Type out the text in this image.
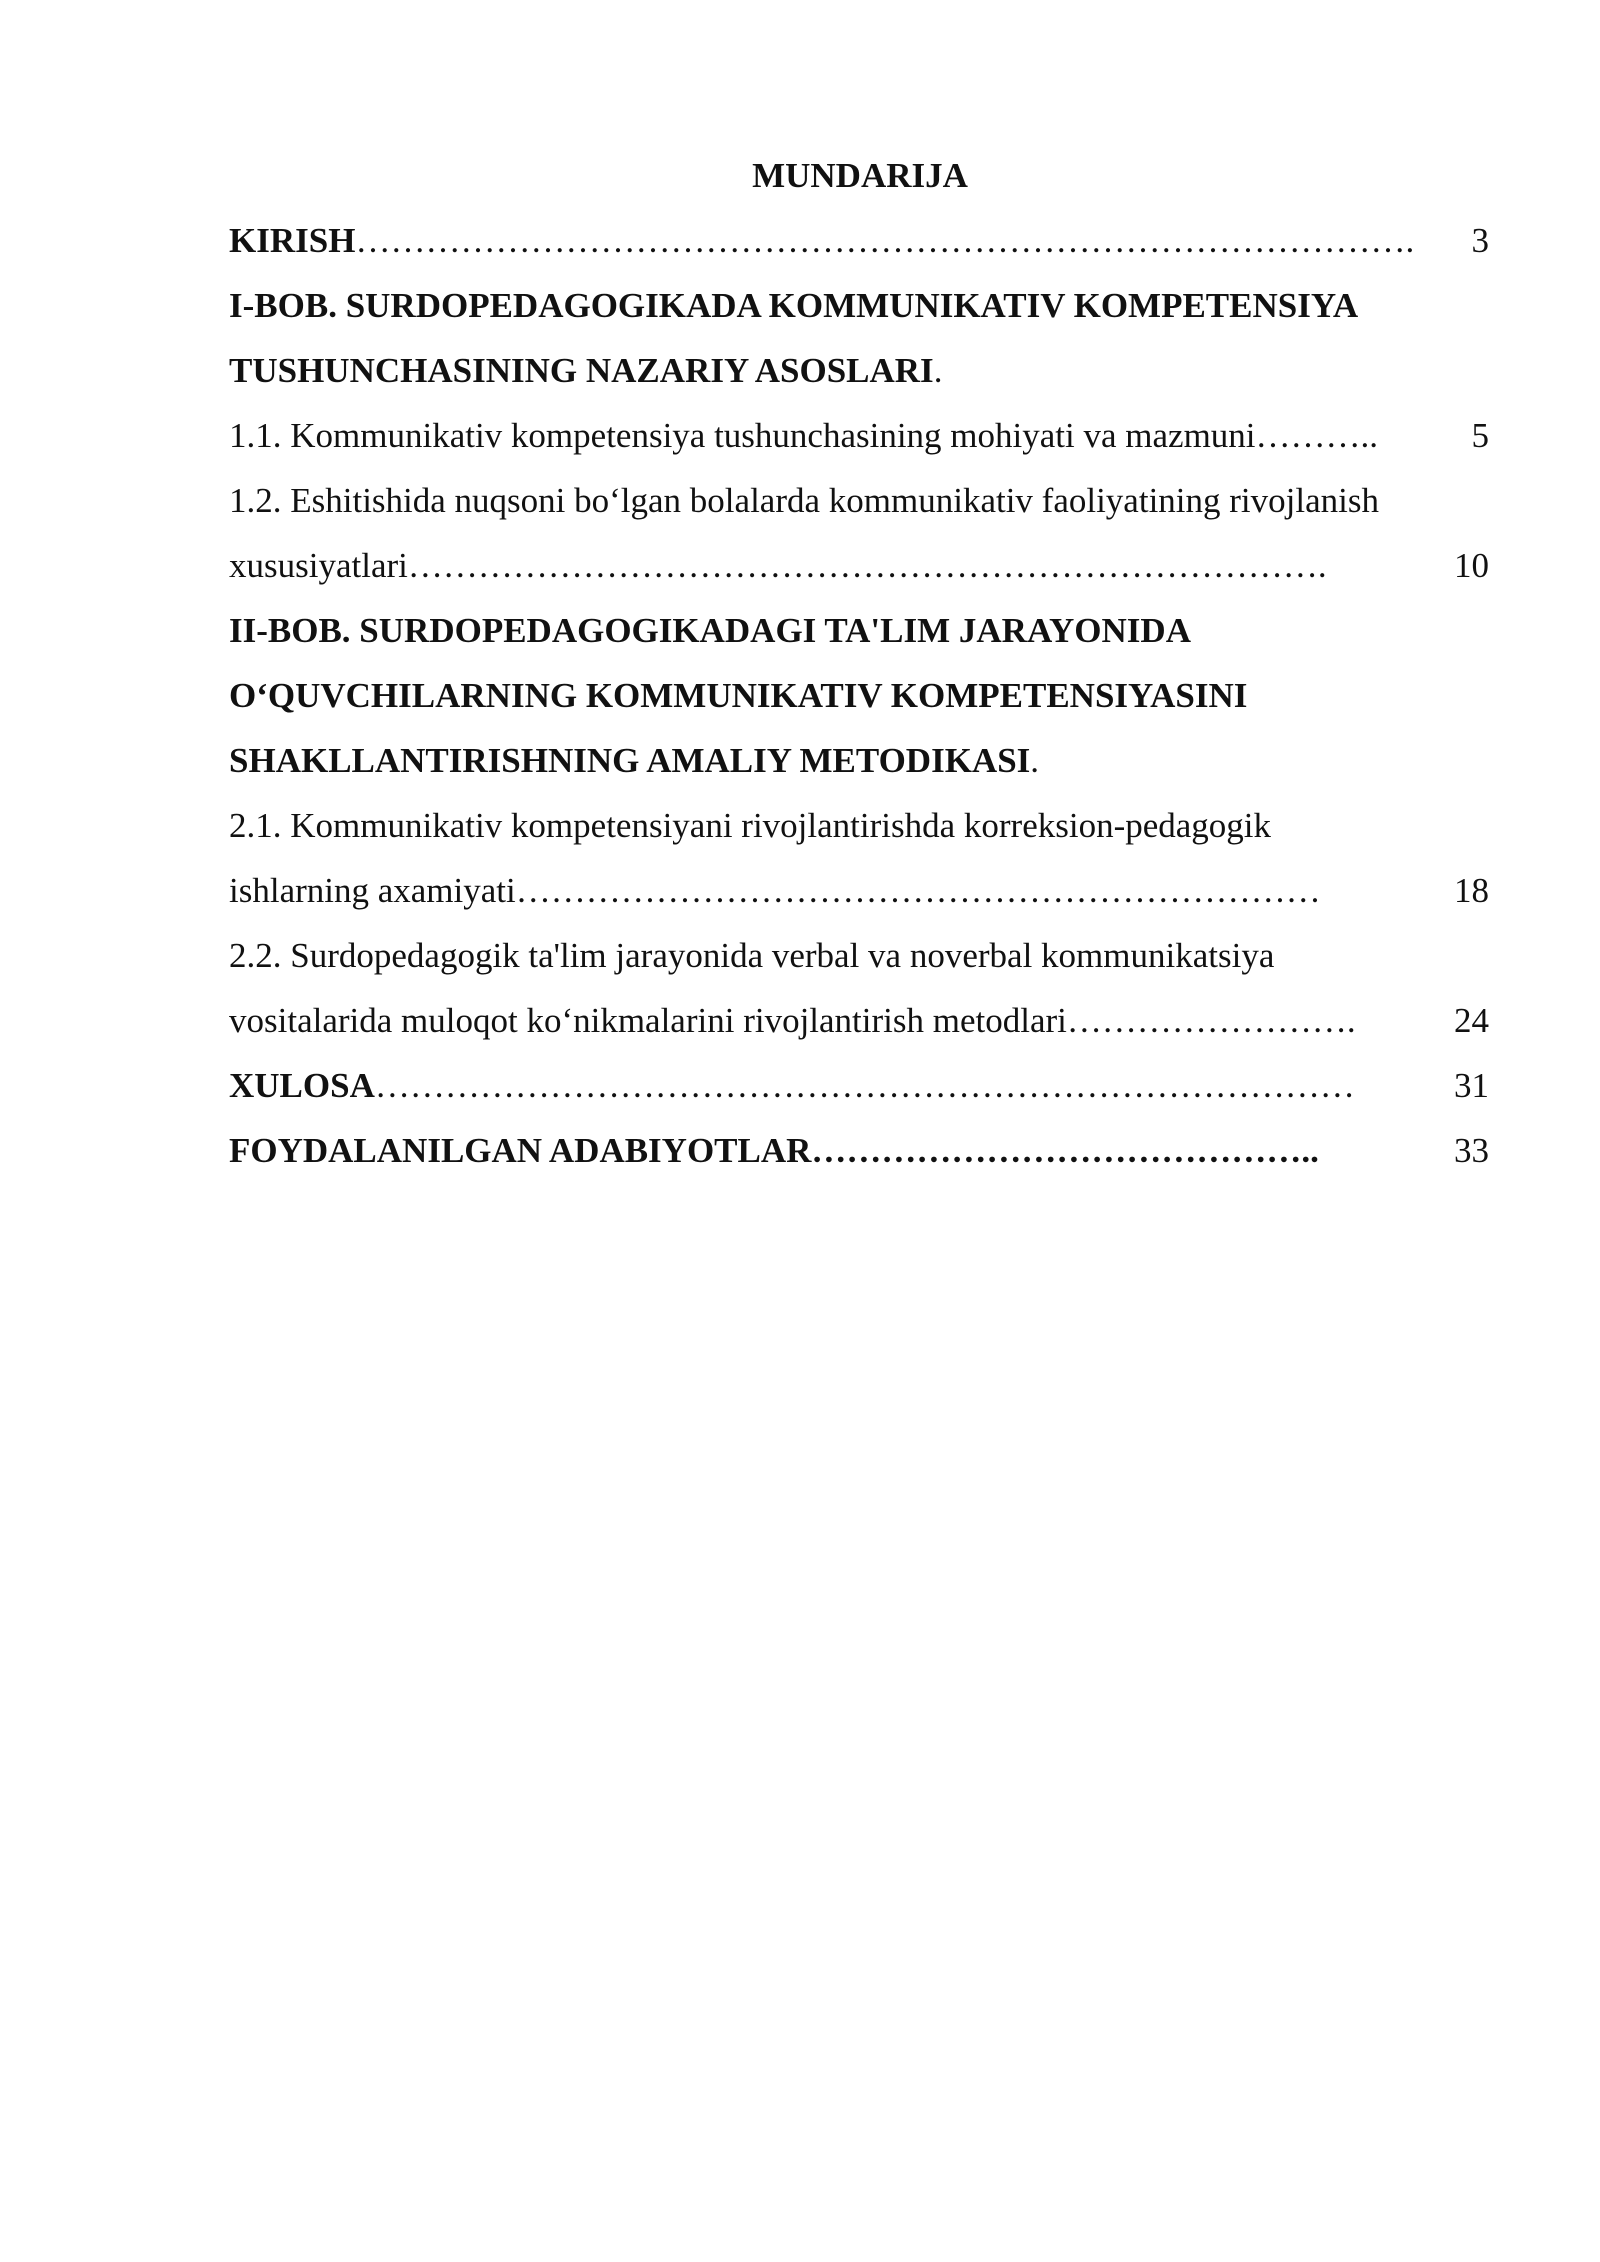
MUNDARIJA
KIRISH ……………………………………………………………………………….	3
I-BOB. SURDOPEDAGOGIKADA KOMMUNIKATIV KOMPETENSIYA
TUSHUNCHASINING NAZARIY ASOSLARI .
1.1. Kommunikativ kompetensiya tushunchasining mohiyati va mazmuni ………..	5
1.2. Eshitishida nuqsoni bo‘lgan bolalarda kommunikativ faoliyatining rivojlanish
xususiyatlari …………………………………………………………………….	10
II-BOB. SURDOPEDAGOGIKADAGI TA'LIM JARAYONIDA
O‘QUVCHILARNING KOMMUNIKATIV KOMPETENSIYASINI
SHAKLLANTIRISHNING AMALIY METODIKASI .
2.1. Kommunikativ kompetensiyani rivojlantirishda korreksion-pedagogik
ishlarning axamiyati ……………………………………………………………	18
2.2. Surdopedagogik ta'lim jarayonida verbal va noverbal kommunikatsiya
vositalarida muloqot ko‘nikmalarini rivojlantirish metodlari …………………….	24
XULOSA …………………………………………………………………………	31
FOYDALANILGAN ADABIYOTLAR ……………………………………..	33
